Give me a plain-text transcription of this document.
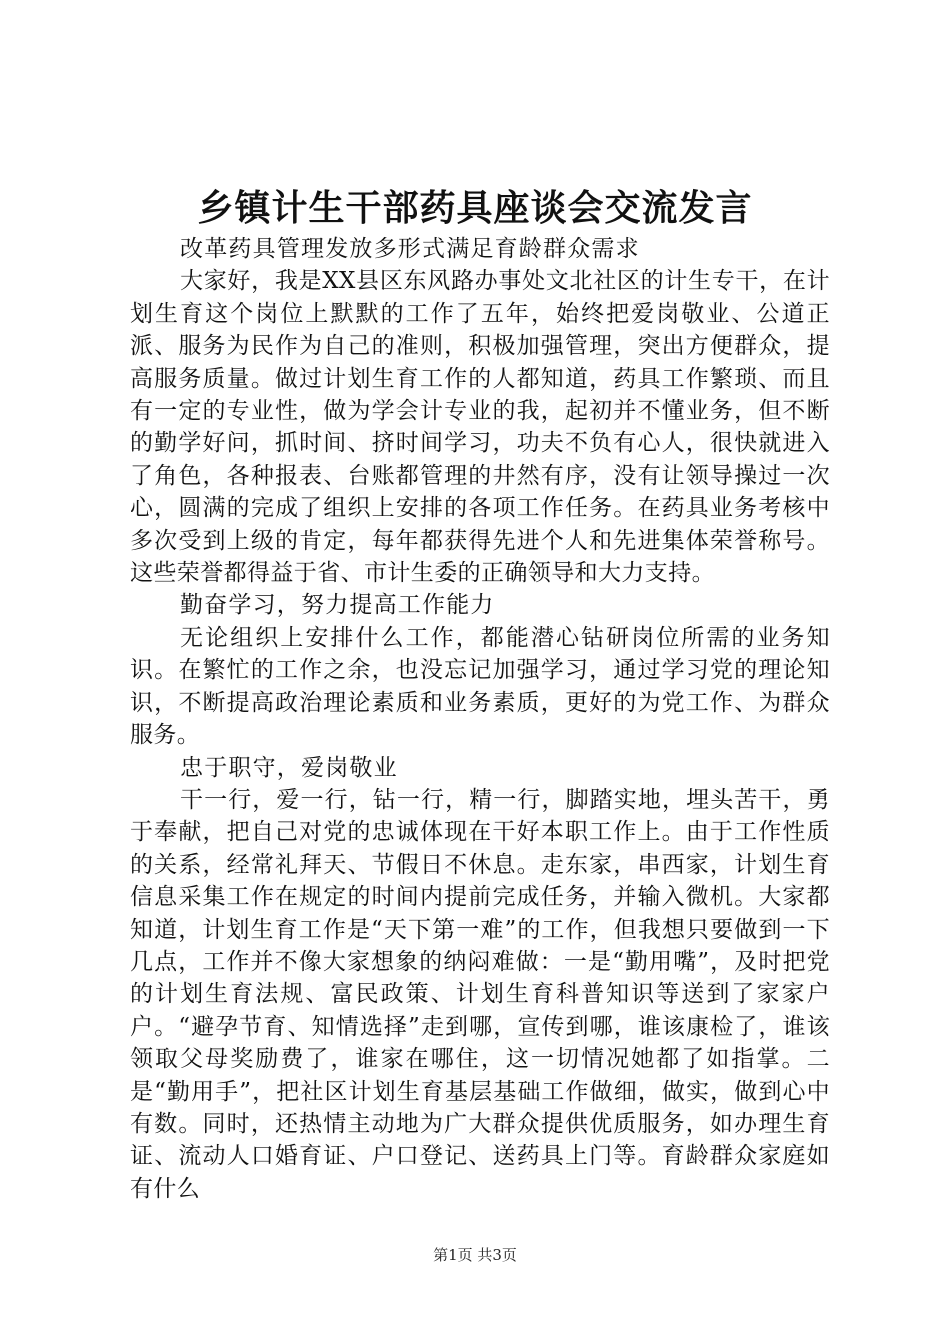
乡镇计生干部药具座谈会交流发言

改革药具管理发放多形式满足育龄群众需求

大家好，我是XX县区东风路办事处文北社区的计生专干，在计划生育这个岗位上默默的工作了五年，始终把爱岗敬业、公道正派、服务为民作为自己的准则，积极加强管理，突出方便群众，提高服务质量。做过计划生育工作的人都知道，药具工作繁琐、而且有一定的专业性，做为学会计专业的我，起初并不懂业务，但不断的勤学好问，抓时间、挤时间学习，功夫不负有心人，很快就进入了角色，各种报表、台账都管理的井然有序，没有让领导操过一次心，圆满的完成了组织上安排的各项工作任务。在药具业务考核中多次受到上级的肯定，每年都获得先进个人和先进集体荣誉称号。这些荣誉都得益于省、市计生委的正确领导和大力支持。

勤奋学习，努力提高工作能力

无论组织上安排什么工作，都能潜心钻研岗位所需的业务知识。在繁忙的工作之余，也没忘记加强学习，通过学习党的理论知识，不断提高政治理论素质和业务素质，更好的为党工作、为群众服务。

忠于职守，爱岗敬业

干一行，爱一行，钻一行，精一行，脚踏实地，埋头苦干，勇于奉献，把自己对党的忠诚体现在干好本职工作上。由于工作性质的关系，经常礼拜天、节假日不休息。走东家，串西家，计划生育信息采集工作在规定的时间内提前完成任务，并输入微机。大家都知道，计划生育工作是“天下第一难”的工作，但我想只要做到一下几点，工作并不像大家想象的纳闷难做：一是“勤用嘴”，及时把党的计划生育法规、富民政策、计划生育科普知识等送到了家家户户。“避孕节育、知情选择”走到哪，宣传到哪，谁该康检了，谁该领取父母奖励费了，谁家在哪住，这一切情况她都了如指掌。二是“勤用手”，把社区计划生育基层基础工作做细，做实，做到心中有数。同时，还热情主动地为广大群众提供优质服务，如办理生育证、流动人口婚育证、户口登记、送药具上门等。育龄群众家庭如有什么

第1页 共3页
